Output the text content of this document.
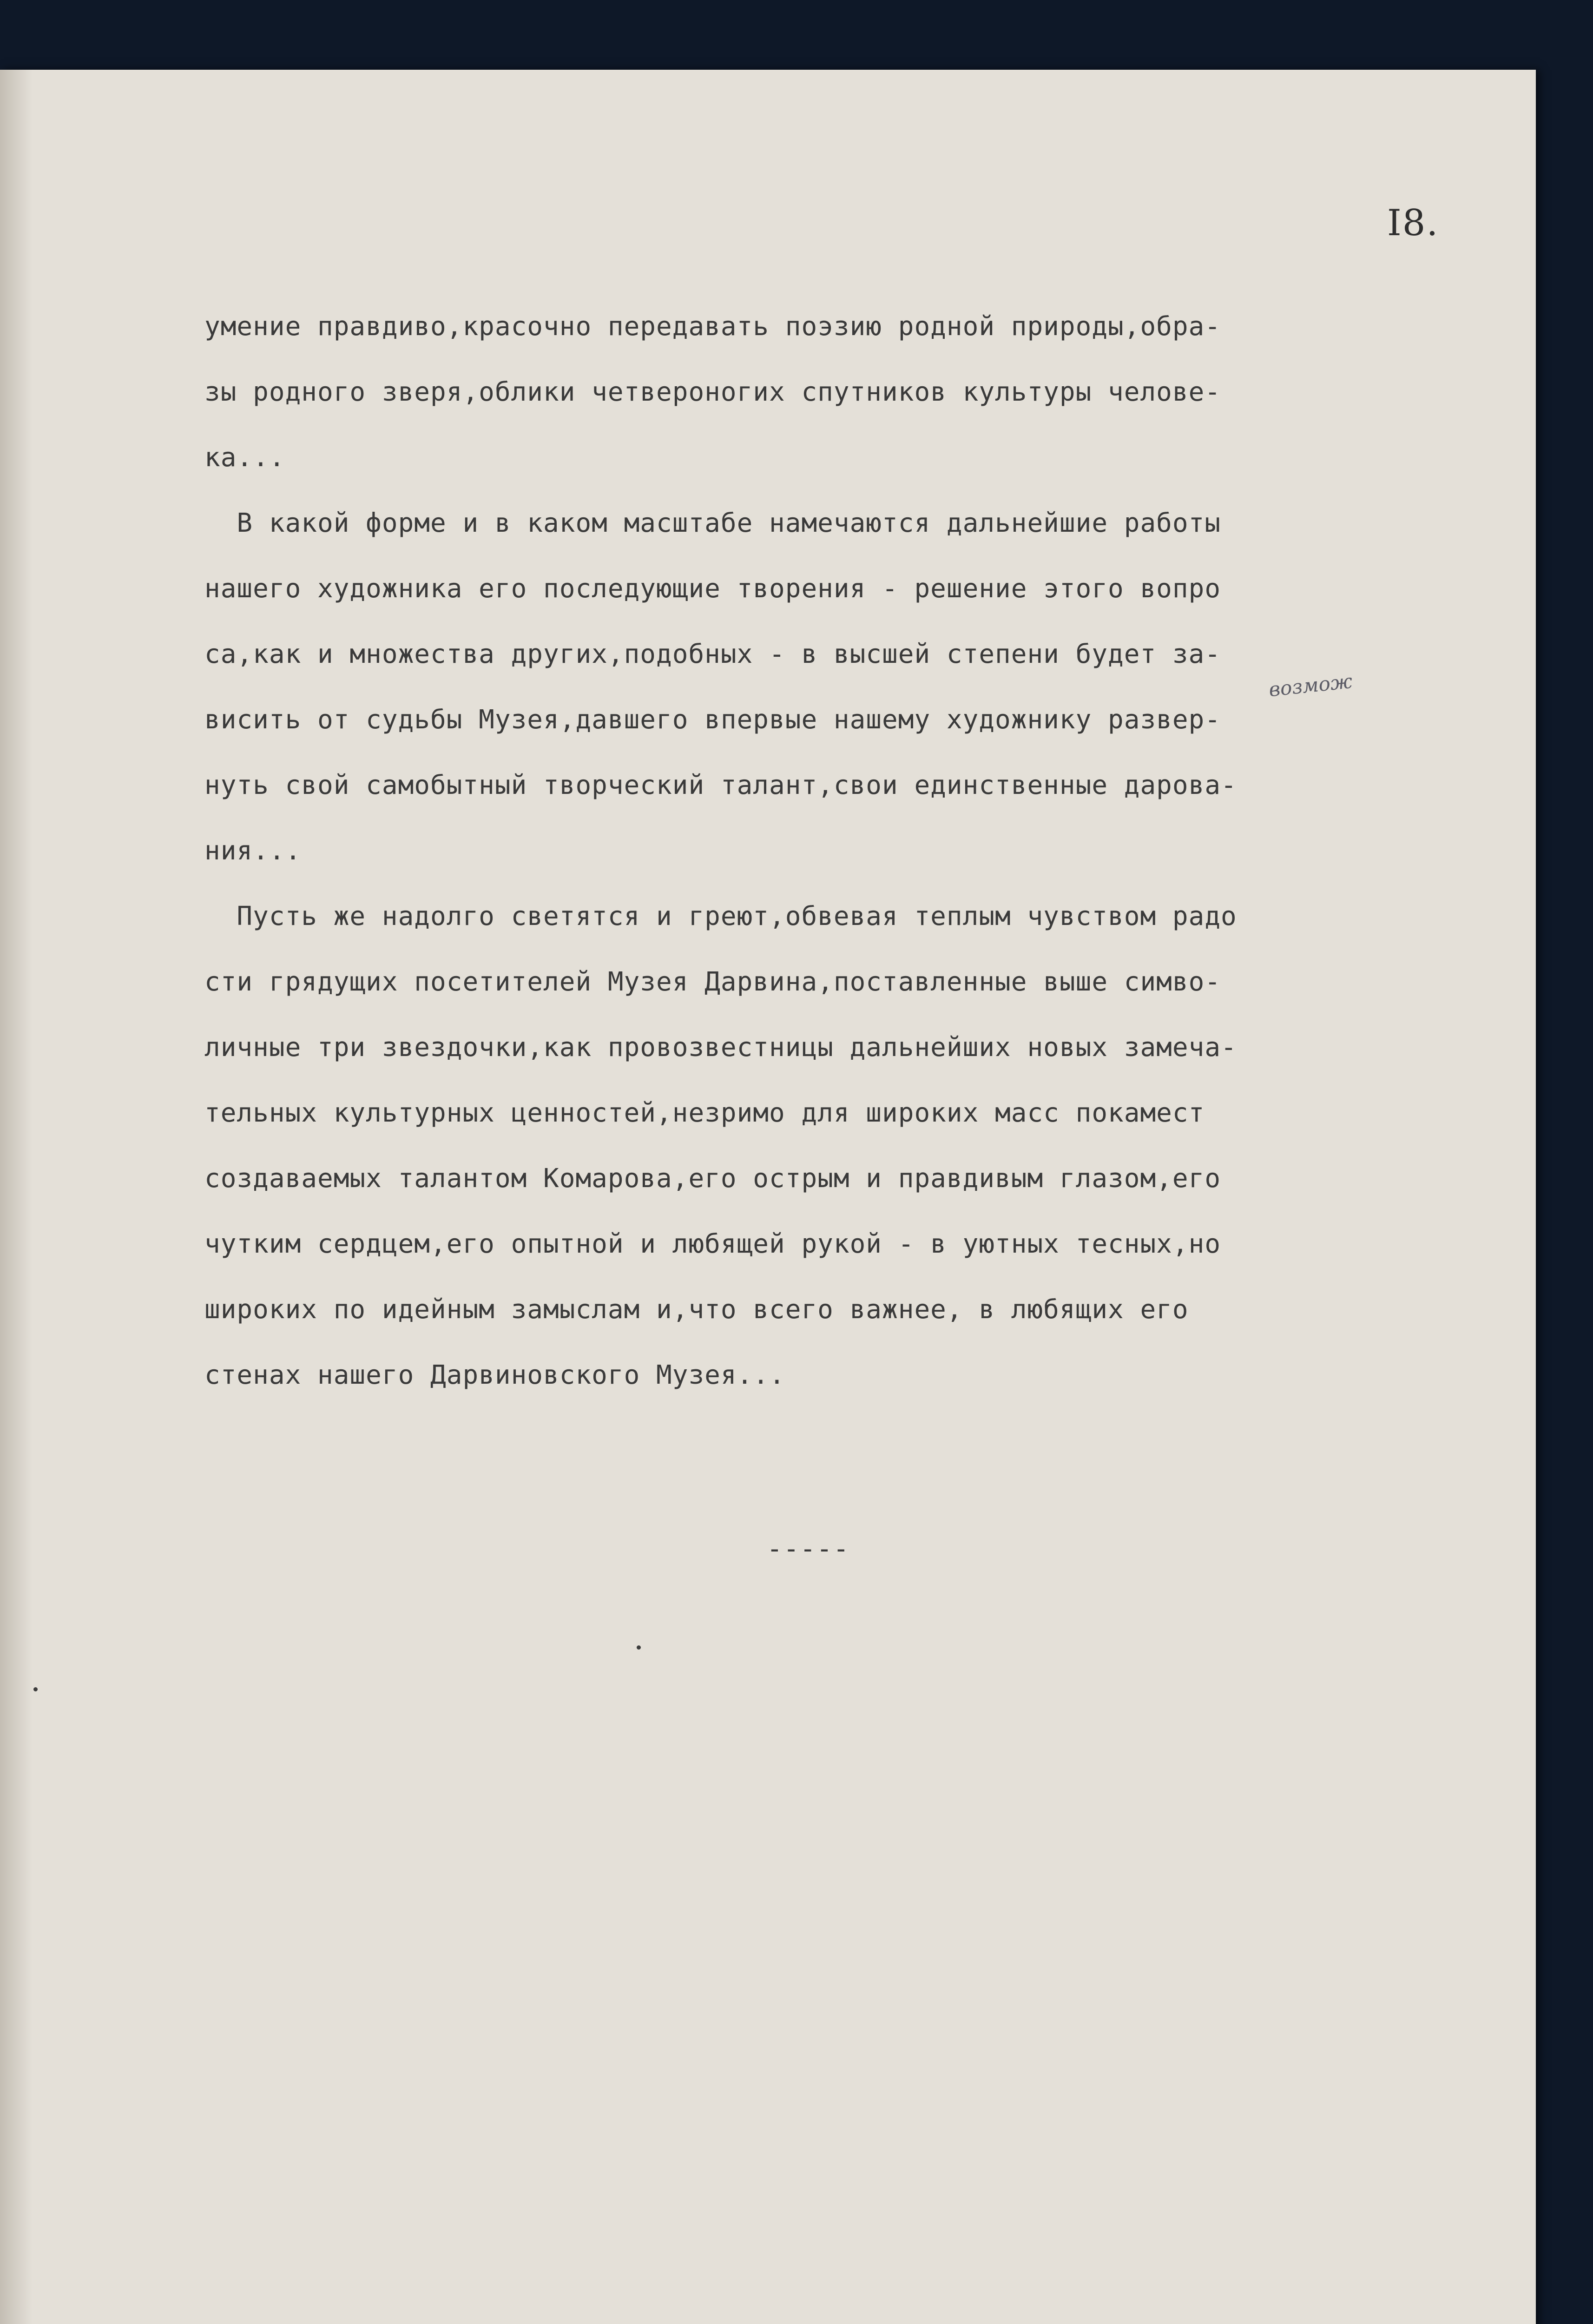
I8.
возмож
умение правдиво,красочно передавать поэзию родной природы,обра-
зы родного зверя,облики четвероногих спутников культуры челове-
ка...
В какой форме и в каком масштабе намечаются дальнейшие работы
нашего художника его последующие творения - решение этого вопро
са,как и множества других,подобных - в высшей степени будет за-
висить от судьбы Музея,давшего впервые нашему художнику развер-
нуть свой самобытный творческий талант,свои единственные дарова-
ния...
Пусть же надолго светятся и греют,обвевая теплым чувством радо
сти грядущих посетителей Музея Дарвина,поставленные выше симво-
личные три звездочки,как провозвестницы дальнейших новых замеча-
тельных культурных ценностей,незримо для широких масс покамест
создаваемых талантом Комарова,его острым и правдивым глазом,его
чутким сердцем,его опытной и любящей рукой - в уютных тесных,но
широких по идейным замыслам и,что всего важнее, в любящих его
стенах нашего Дарвиновского Музея...
-----
